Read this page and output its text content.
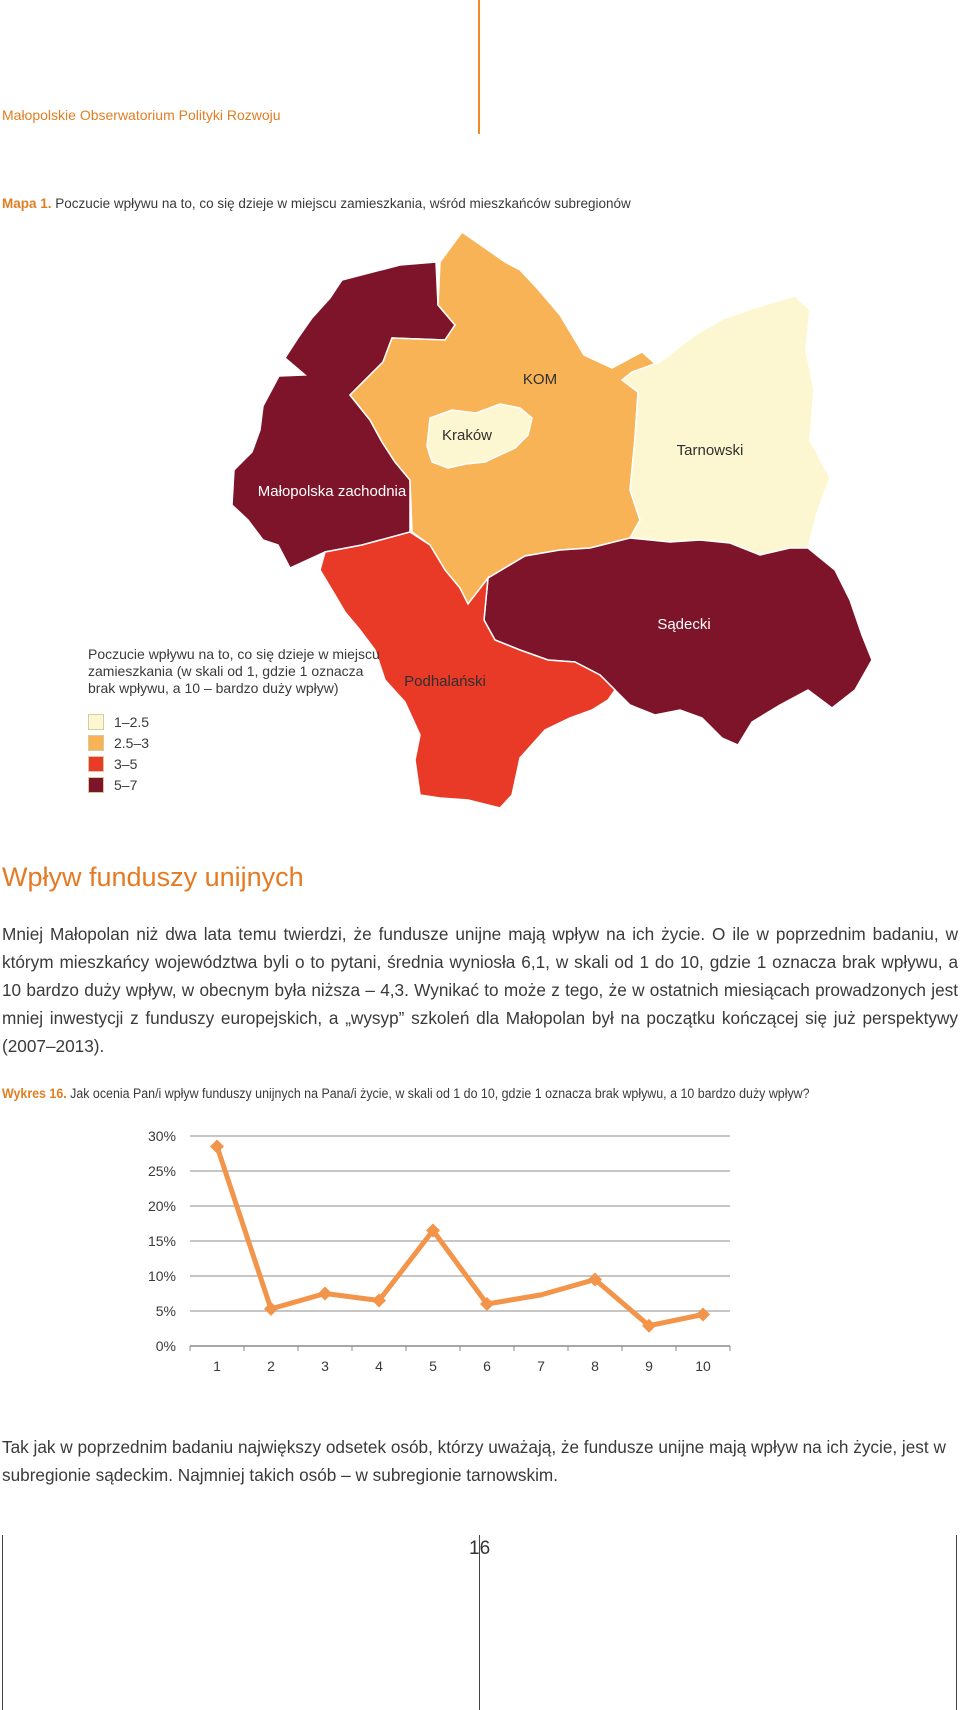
Małopolskie Obserwatorium Polityki Rozwoju
Mapa 1. Poczucie wpływu na to, co się dzieje w miejscu zamieszkania, wśród mieszkańców subregionów
Małopolska zachodnia
KOM
Kraków
Tarnowski
Sądecki
Podhalański
Poczucie wpływu na to, co się dzieje w miejscu zamieszkania (w skali od 1, gdzie 1 oznacza brak wpływu, a 10 – bardzo duży wpływ)
1–2.5
2.5–3
3–5
5–7
Wpływ funduszy unijnych

Mniej Małopolan niż dwa lata temu twierdzi, że fundusze unijne mają wpływ na ich życie. O ile w poprzednim badaniu, w którym mieszkańcy województwa byli o to pytani, średnia wyniosła 6,1, w skali od 1 do 10, gdzie 1 oznacza brak wpływu, a 10 bardzo duży wpływ, w obecnym była niższa – 4,3. Wynikać to może z tego, że w ostatnich miesiącach prowadzonych jest mniej inwestycji z funduszy europejskich, a „wysyp” szkoleń dla Małopolan był na początku kończącej się już perspektywy (2007–2013).

Wykres 16. Jak ocenia Pan/i wpływ funduszy unijnych na Pana/i życie, w skali od 1 do 10, gdzie 1 oznacza brak wpływu, a 10 bardzo duży wpływ?
0%
5%
10%
15%
20%
25%
30%
1	2	3	4	5	6	7	8	9	10

Tak jak w poprzednim badaniu największy odsetek osób, którzy uważają, że fundusze unijne mają wpływ na ich życie, jest w subregionie sądeckim. Najmniej takich osób – w subregionie tarnowskim.

16
